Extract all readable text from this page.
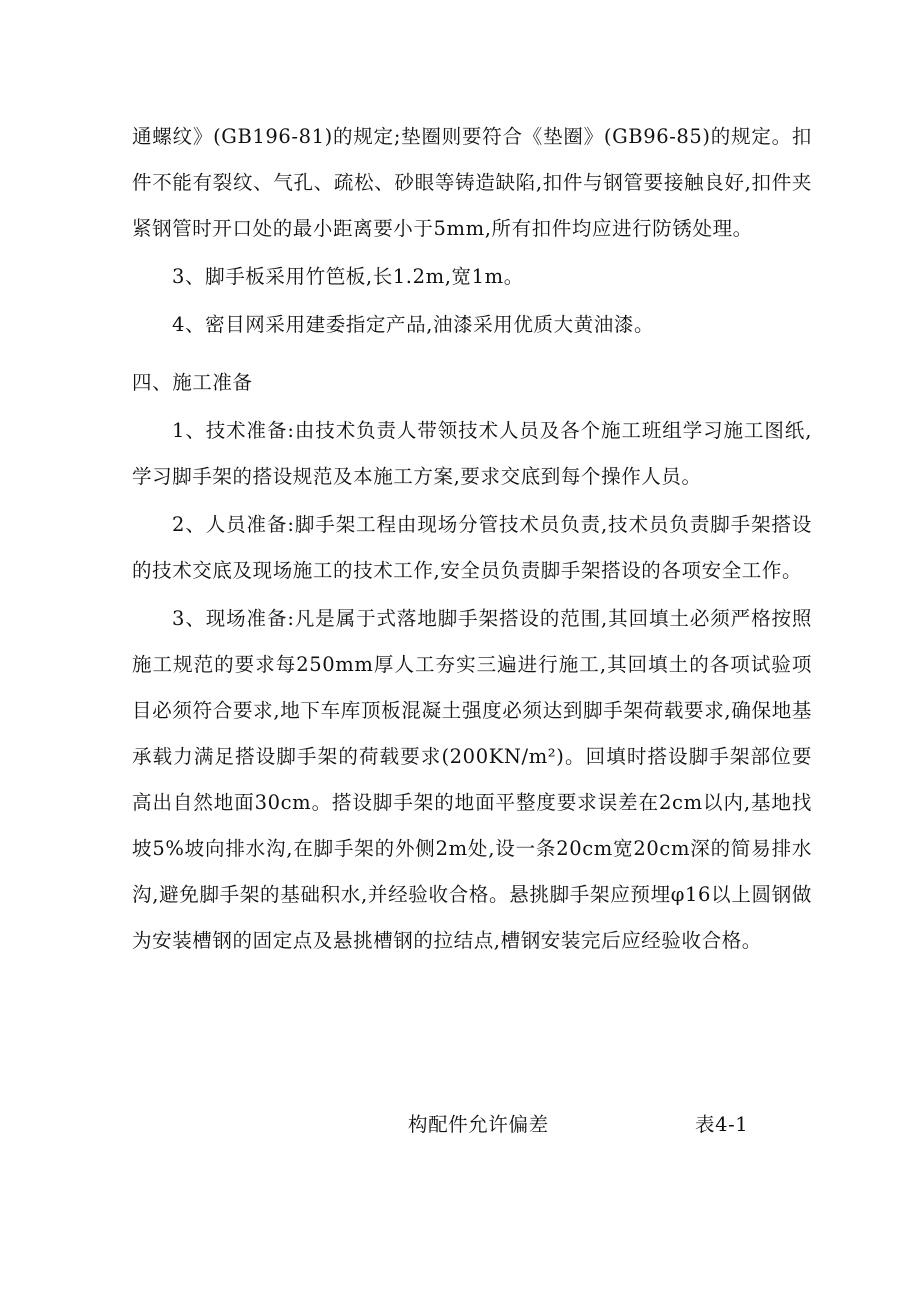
通螺纹》(GB196-81)的规定;垫圈则要符合《垫圈》(GB96-85)的规定。扣件不能有裂纹、气孔、疏松、砂眼等铸造缺陷,扣件与钢管要接触良好,扣件夹紧钢管时开口处的最小距离要小于5mm,所有扣件均应进行防锈处理。

3、脚手板采用竹笆板,长1.2m,宽1m。

4、密目网采用建委指定产品,油漆采用优质大黄油漆。

四、施工准备

1、技术准备:由技术负责人带领技术人员及各个施工班组学习施工图纸,学习脚手架的搭设规范及本施工方案,要求交底到每个操作人员。

2、人员准备:脚手架工程由现场分管技术员负责,技术员负责脚手架搭设的技术交底及现场施工的技术工作,安全员负责脚手架搭设的各项安全工作。

3、现场准备:凡是属于式落地脚手架搭设的范围,其回填土必须严格按照施工规范的要求每250mm厚人工夯实三遍进行施工,其回填土的各项试验项目必须符合要求,地下车库顶板混凝土强度必须达到脚手架荷载要求,确保地基承载力满足搭设脚手架的荷载要求(200KN/m²)。回填时搭设脚手架部位要高出自然地面30cm。搭设脚手架的地面平整度要求误差在2cm以内,基地找坡5%坡向排水沟,在脚手架的外侧2m处,设一条20cm宽20cm深的简易排水沟,避免脚手架的基础积水,并经验收合格。悬挑脚手架应预埋φ16以上圆钢做为安装槽钢的固定点及悬挑槽钢的拉结点,槽钢安装完后应经验收合格。

构配件允许偏差	表4-1
